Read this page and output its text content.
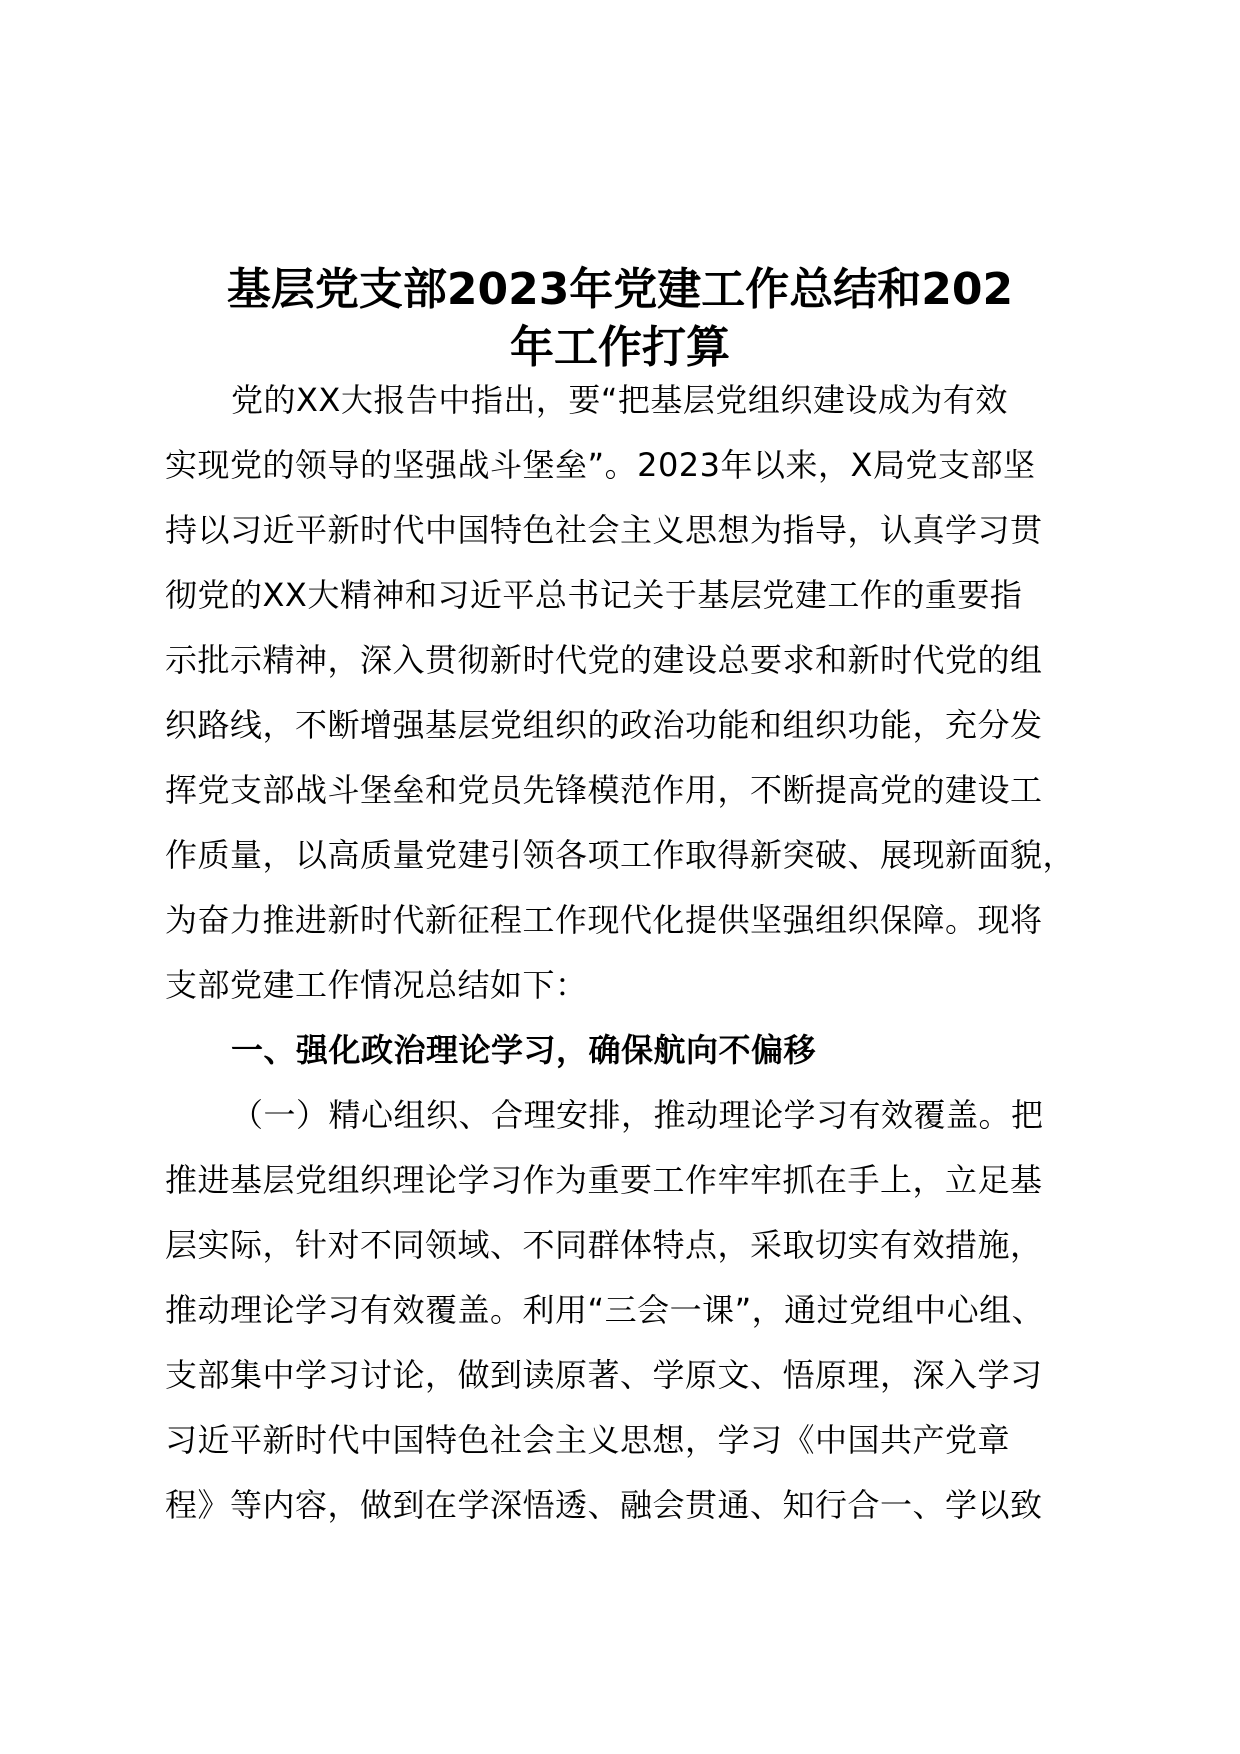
基层党支部2023年党建工作总结和202
年工作打算
党的XX大报告中指出，要“把基层党组织建设成为有效
实现党的领导的坚强战斗堡垒”。2023年以来，X局党支部坚
持以习近平新时代中国特色社会主义思想为指导，认真学习贯
彻党的XX大精神和习近平总书记关于基层党建工作的重要指
示批示精神，深入贯彻新时代党的建设总要求和新时代党的组
织路线，不断增强基层党组织的政治功能和组织功能，充分发
挥党支部战斗堡垒和党员先锋模范作用，不断提高党的建设工
作质量，以高质量党建引领各项工作取得新突破、展现新面貌，
为奋力推进新时代新征程工作现代化提供坚强组织保障。现将
支部党建工作情况总结如下：
一、强化政治理论学习，确保航向不偏移
（一）精心组织、合理安排，推动理论学习有效覆盖。把
推进基层党组织理论学习作为重要工作牢牢抓在手上，立足基
层实际，针对不同领域、不同群体特点，采取切实有效措施，
推动理论学习有效覆盖。利用“三会一课”，通过党组中心组、
支部集中学习讨论，做到读原著、学原文、悟原理，深入学习
习近平新时代中国特色社会主义思想，学习《中国共产党章
程》等内容，做到在学深悟透、融会贯通、知行合一、学以致
